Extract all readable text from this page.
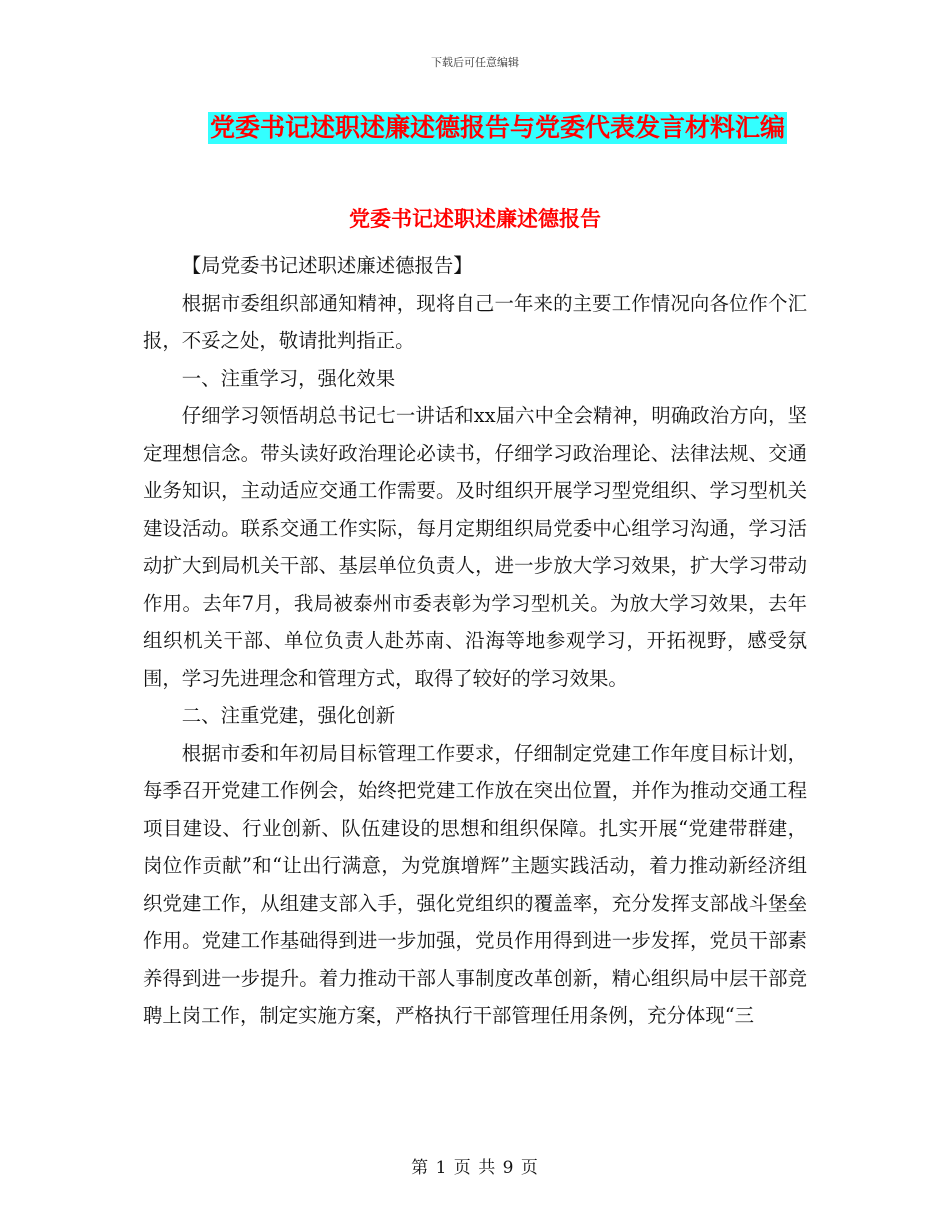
下载后可任意编辑
党委书记述职述廉述德报告与党委代表发言材料汇编
党委书记述职述廉述德报告

【局党委书记述职述廉述德报告】

根据市委组织部通知精神，现将自己一年来的主要工作情况向各位作个汇报，不妥之处，敬请批判指正。

一、注重学习，强化效果

仔细学习领悟胡总书记七一讲话和xx届六中全会精神，明确政治方向，坚定理想信念。带头读好政治理论必读书，仔细学习政治理论、法律法规、交通业务知识，主动适应交通工作需要。及时组织开展学习型党组织、学习型机关建设活动。联系交通工作实际，每月定期组织局党委中心组学习沟通，学习活动扩大到局机关干部、基层单位负责人，进一步放大学习效果，扩大学习带动作用。去年7月，我局被泰州市委表彰为学习型机关。为放大学习效果，去年组织机关干部、单位负责人赴苏南、沿海等地参观学习，开拓视野，感受氛围，学习先进理念和管理方式，取得了较好的学习效果。

二、注重党建，强化创新

根据市委和年初局目标管理工作要求，仔细制定党建工作年度目标计划，每季召开党建工作例会，始终把党建工作放在突出位置，并作为推动交通工程项目建设、行业创新、队伍建设的思想和组织保障。扎实开展“党建带群建，岗位作贡献”和“让出行满意，为党旗增辉”主题实践活动，着力推动新经济组织党建工作，从组建支部入手，强化党组织的覆盖率，充分发挥支部战斗堡垒作用。党建工作基础得到进一步加强，党员作用得到进一步发挥，党员干部素养得到进一步提升。着力推动干部人事制度改革创新，精心组织局中层干部竞聘上岗工作，制定实施方案，严格执行干部管理任用条例，充分体现“三

第 1 页 共 9 页
